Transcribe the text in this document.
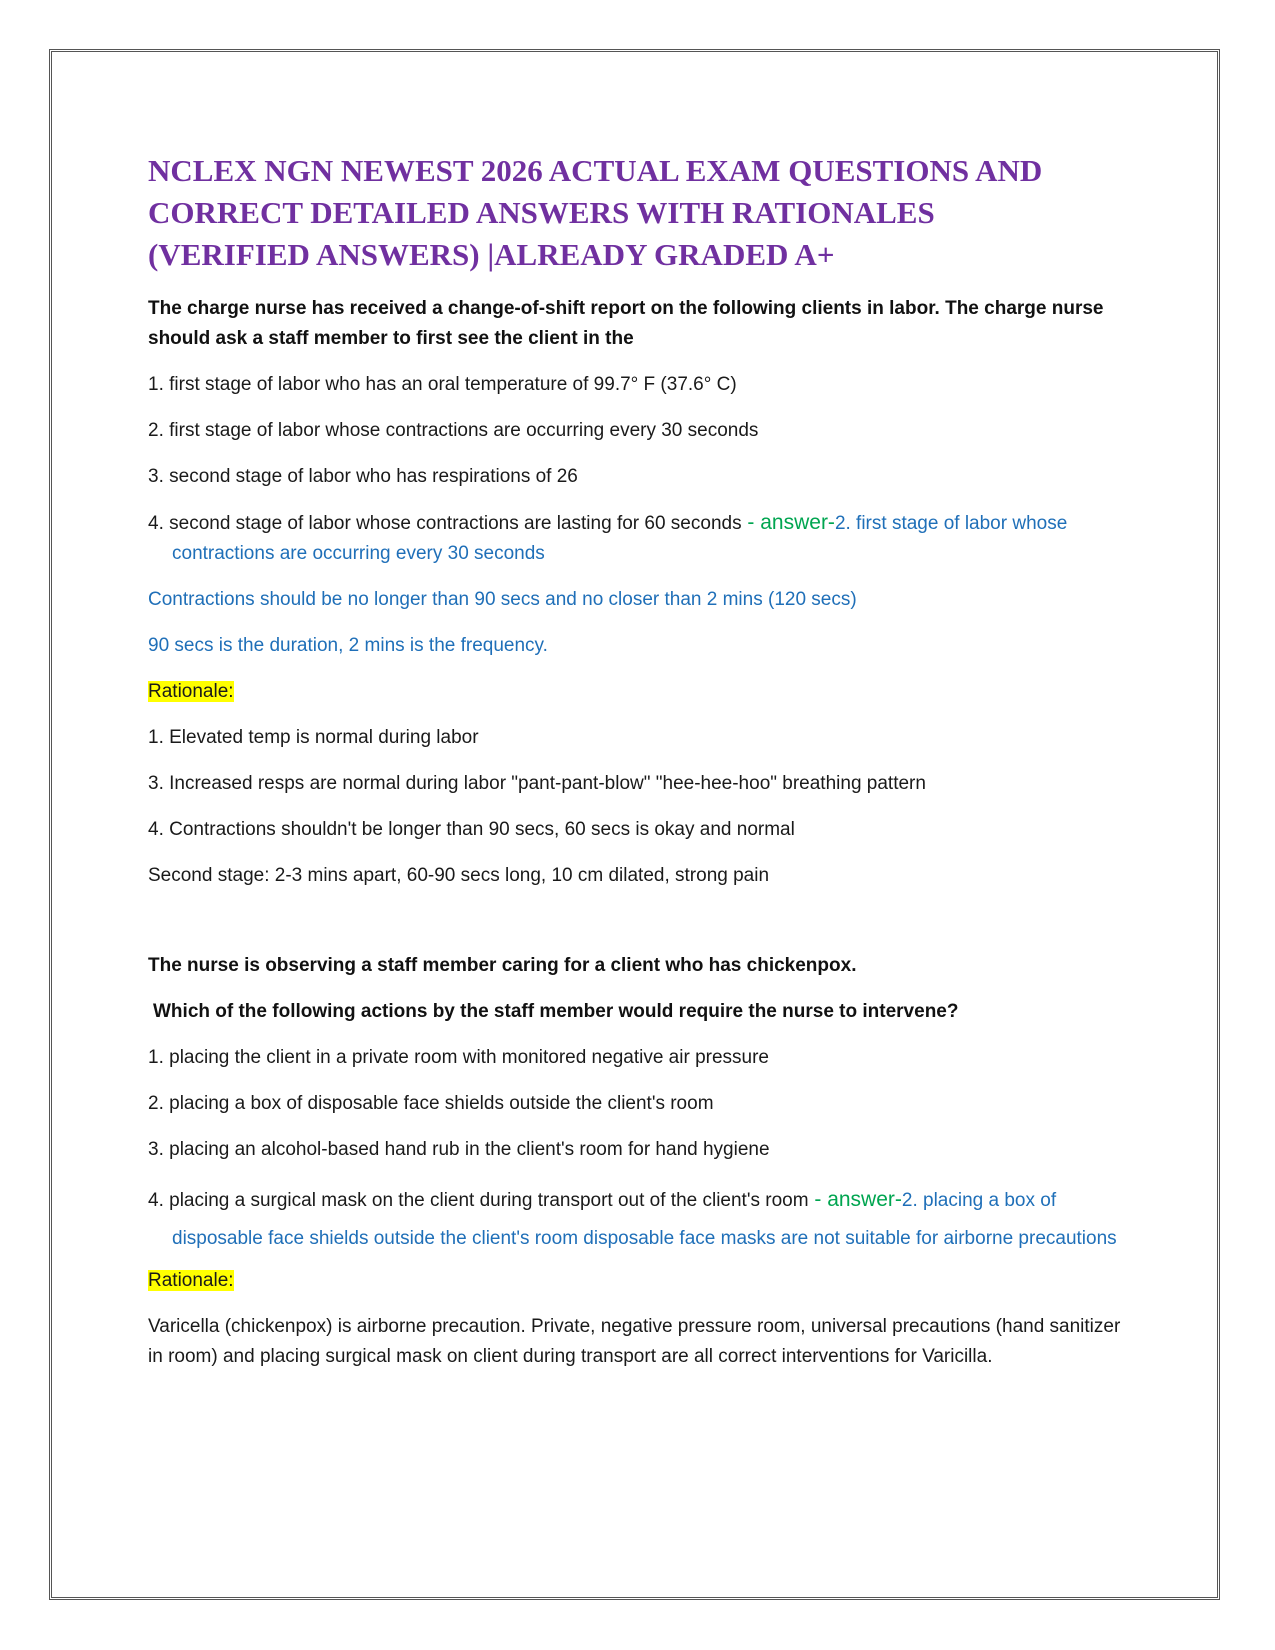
NCLEX NGN NEWEST 2026 ACTUAL EXAM QUESTIONS AND
CORRECT DETAILED ANSWERS WITH RATIONALES
(VERIFIED ANSWERS) |ALREADY GRADED A+

The charge nurse has received a change-of-shift report on the following clients in labor. The charge nurse should ask a staff member to first see the client in the

1. first stage of labor who has an oral temperature of 99.7° F (37.6° C)

2. first stage of labor whose contractions are occurring every 30 seconds

3. second stage of labor who has respirations of 26

4. second stage of labor whose contractions are lasting for 60 seconds - answer-2. first stage of labor whose contractions are occurring every 30 seconds

Contractions should be no longer than 90 secs and no closer than 2 mins (120 secs)

90 secs is the duration, 2 mins is the frequency.

Rationale:

1. Elevated temp is normal during labor

3. Increased resps are normal during labor "pant-pant-blow" "hee-hee-hoo" breathing pattern

4. Contractions shouldn't be longer than 90 secs, 60 secs is okay and normal

Second stage: 2-3 mins apart, 60-90 secs long, 10 cm dilated, strong pain

The nurse is observing a staff member caring for a client who has chickenpox.

Which of the following actions by the staff member would require the nurse to intervene?

1. placing the client in a private room with monitored negative air pressure

2. placing a box of disposable face shields outside the client's room

3. placing an alcohol-based hand rub in the client's room for hand hygiene

4. placing a surgical mask on the client during transport out of the client's room - answer-2. placing a box of disposable face shields outside the client's room disposable face masks are not suitable for airborne precautions

Rationale:

Varicella (chickenpox) is airborne precaution. Private, negative pressure room, universal precautions (hand sanitizer in room) and placing surgical mask on client during transport are all correct interventions for Varicilla.
